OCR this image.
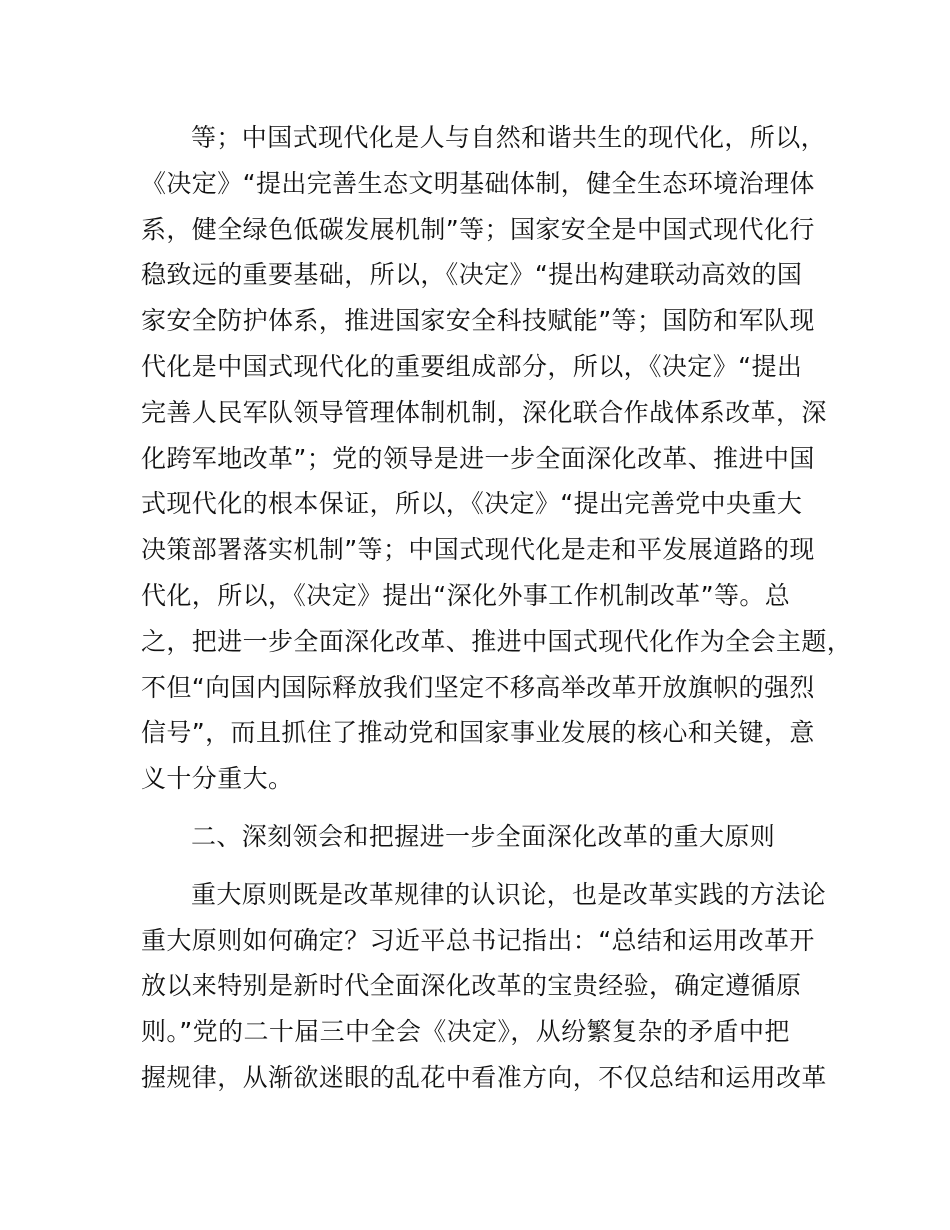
等；中国式现代化是人与自然和谐共生的现代化，所以，
《决定》“提出完善生态文明基础体制，健全生态环境治理体
系，健全绿色低碳发展机制”等；国家安全是中国式现代化行
稳致远的重要基础，所以，《决定》“提出构建联动高效的国
家安全防护体系，推进国家安全科技赋能”等；国防和军队现
代化是中国式现代化的重要组成部分，所以，《决定》“提出
完善人民军队领导管理体制机制，深化联合作战体系改革，深
化跨军地改革”；党的领导是进一步全面深化改革、推进中国
式现代化的根本保证，所以，《决定》“提出完善党中央重大
决策部署落实机制”等；中国式现代化是走和平发展道路的现
代化，所以，《决定》提出“深化外事工作机制改革”等。总
之，把进一步全面深化改革、推进中国式现代化作为全会主题，
不但“向国内国际释放我们坚定不移高举改革开放旗帜的强烈
信号”，而且抓住了推动党和国家事业发展的核心和关键，意
义十分重大。
二、深刻领会和把握进一步全面深化改革的重大原则
重大原则既是改革规律的认识论，也是改革实践的方法论
重大原则如何确定？习近平总书记指出：“总结和运用改革开
放以来特别是新时代全面深化改革的宝贵经验，确定遵循原
则。”党的二十届三中全会《决定》，从纷繁复杂的矛盾中把
握规律，从渐欲迷眼的乱花中看准方向，不仅总结和运用改革
